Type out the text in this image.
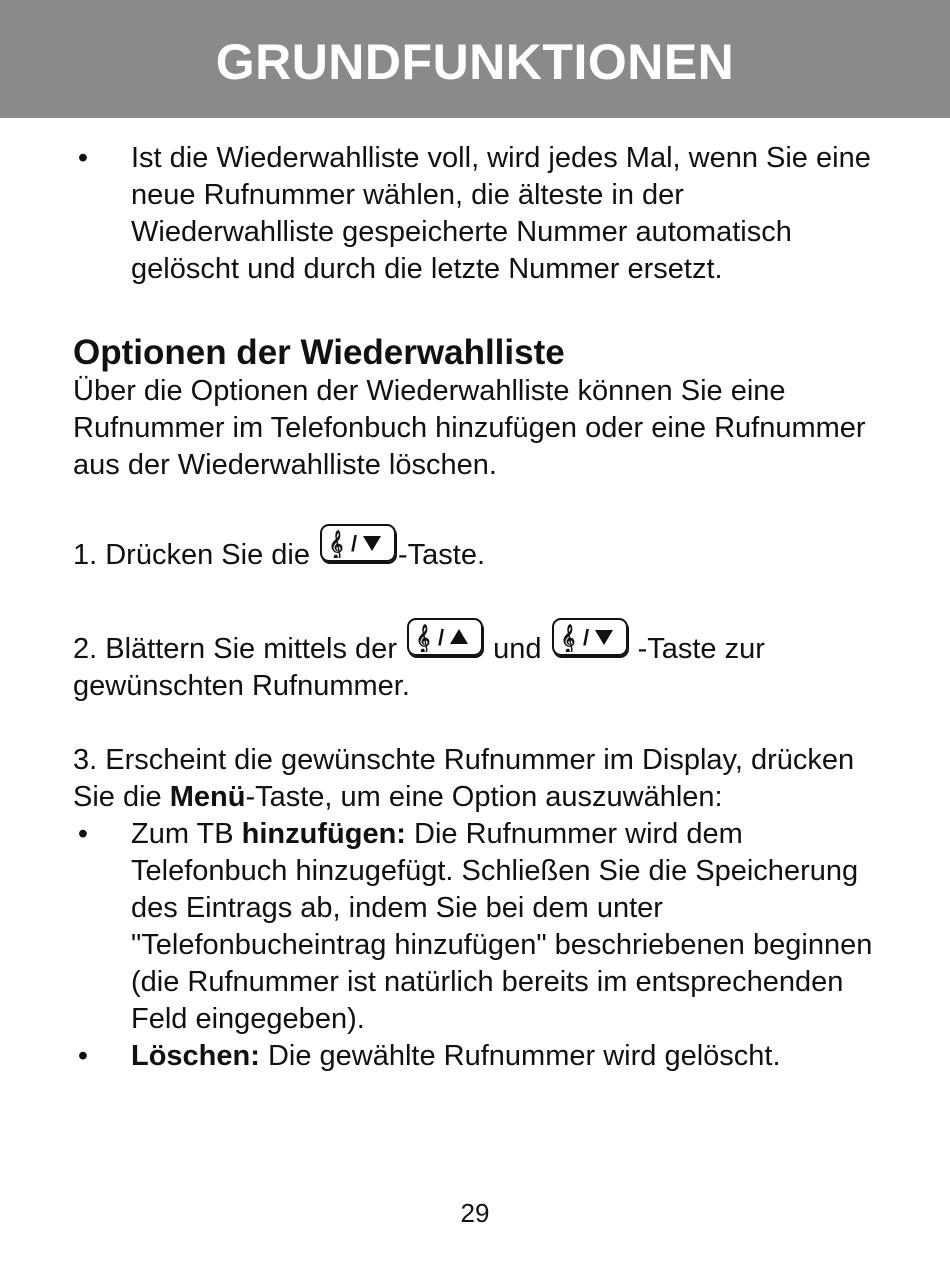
GRUNDFUNKTIONEN
• Ist die Wiederwahlliste voll, wird jedes Mal, wenn Sie eine neue Rufnummer wählen, die älteste in der Wiederwahlliste gespeicherte Nummer automatisch gelöscht und durch die letzte Nummer ersetzt.

Optionen der Wiederwahlliste

Über die Optionen der Wiederwahlliste können Sie eine Rufnummer im Telefonbuch hinzufügen oder eine Rufnummer aus der Wiederwahlliste löschen.

1. Drücken Sie die 𝄞 / -Taste.

2. Blättern Sie mittels der 𝄞 / und 𝄞 / -Taste zur gewünschten Rufnummer.

3. Erscheint die gewünschte Rufnummer im Display, drücken Sie die Menü-Taste, um eine Option auszuwählen:

• Zum TB hinzufügen: Die Rufnummer wird dem Telefonbuch hinzugefügt. Schließen Sie die Speicherung des Eintrags ab, indem Sie bei dem unter "Telefonbucheintrag hinzufügen" beschriebenen beginnen (die Rufnummer ist natürlich bereits im entsprechenden Feld eingegeben).

• Löschen: Die gewählte Rufnummer wird gelöscht.

29
